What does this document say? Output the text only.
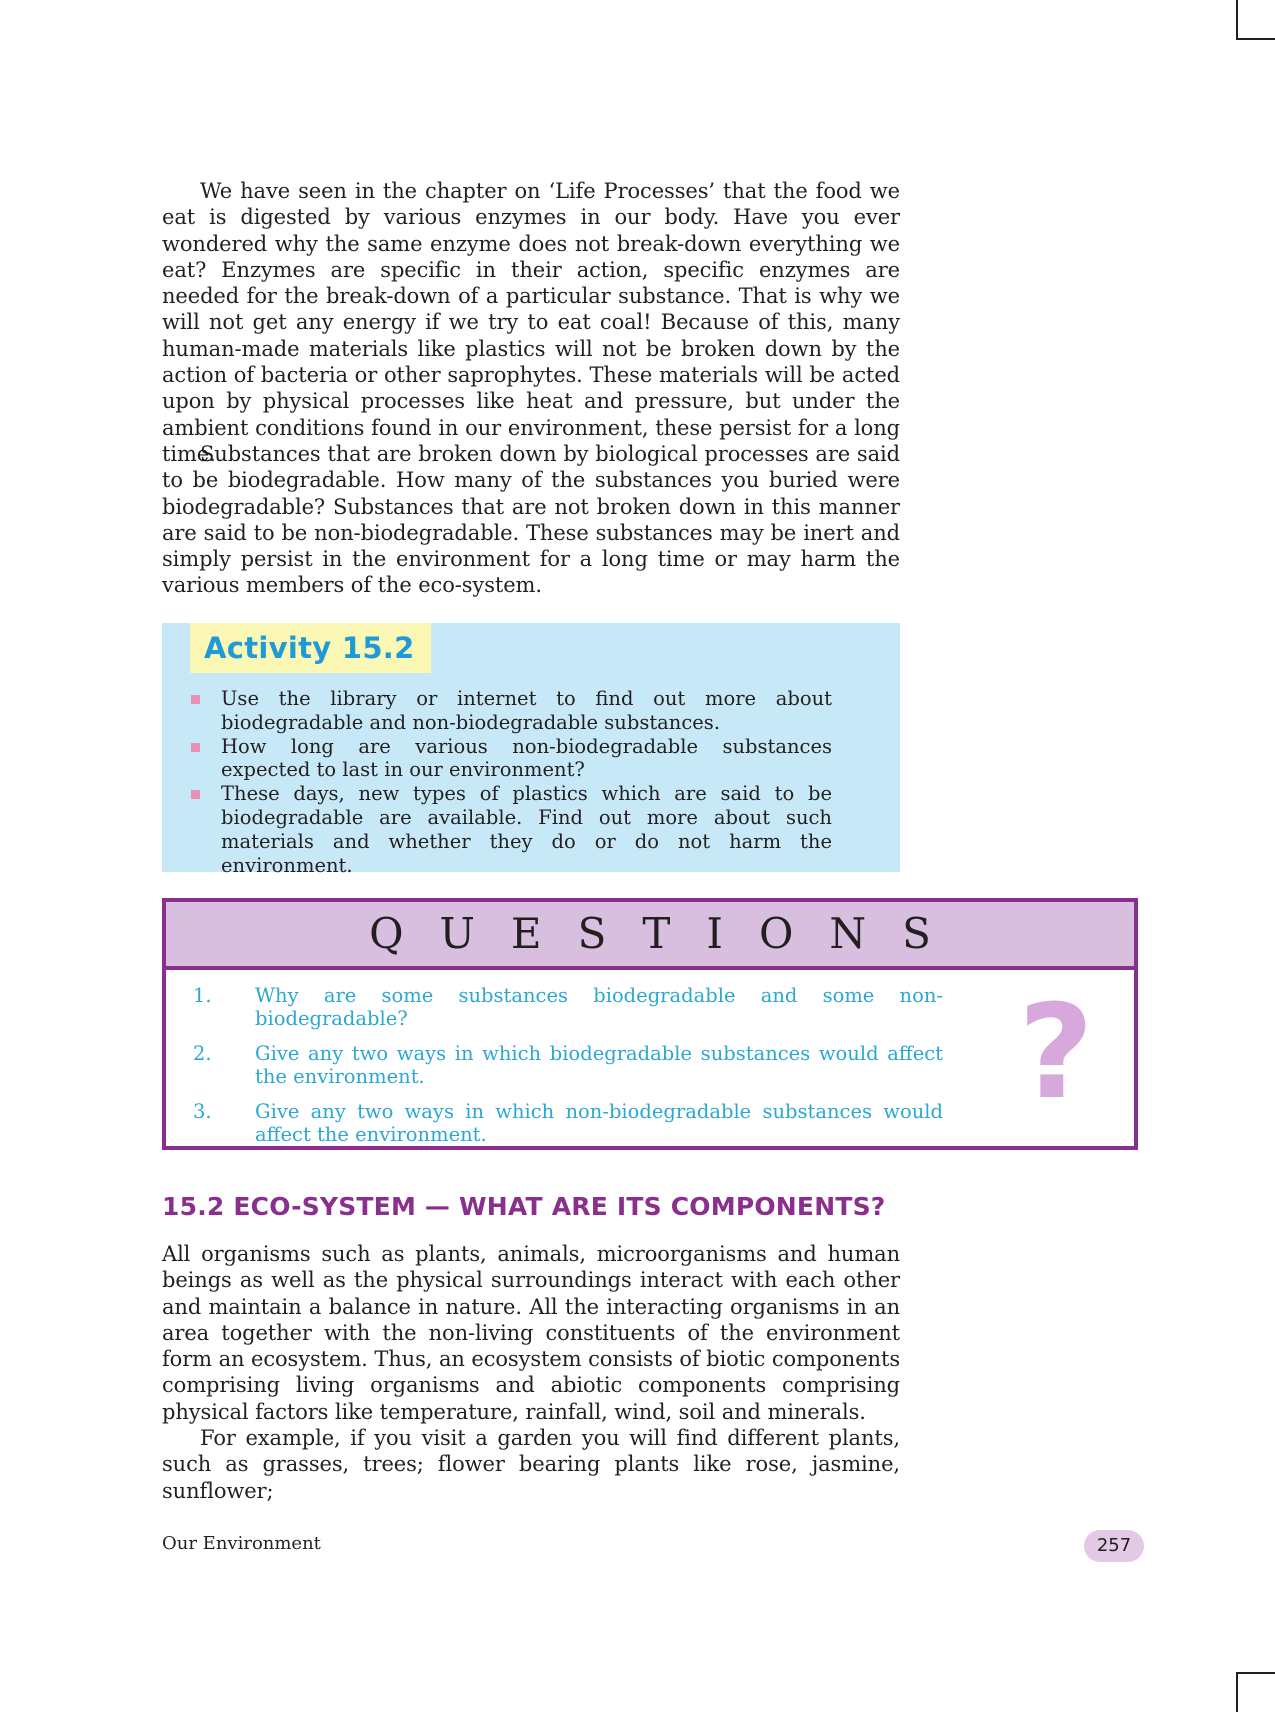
We have seen in the chapter on ‘Life Processes’ that the food we eat is digested by various enzymes in our body. Have you ever wondered why the same enzyme does not break-down everything we eat? Enzymes are specific in their action, specific enzymes are needed for the break-down of a particular substance. That is why we will not get any energy if we try to eat coal! Because of this, many human-made materials like plastics will not be broken down by the action of bacteria or other saprophytes. These materials will be acted upon by physical processes like heat and pressure, but under the ambient conditions found in our environment, these persist for a long time.

Substances that are broken down by biological processes are said to be biodegradable. How many of the substances you buried were biodegradable? Substances that are not broken down in this manner are said to be non-biodegradable. These substances may be inert and simply persist in the environment for a long time or may harm the various members of the eco-system.

Activity 15.2
Use the library or internet to find out more about biodegradable and non-biodegradable substances.
How long are various non-biodegradable substances expected to last in our environment?
These days, new types of plastics which are said to be biodegradable are available. Find out more about such materials and whether they do or do not harm the environment.
QUESTIONS
1. Why are some substances biodegradable and some non-biodegradable?
2. Give any two ways in which biodegradable substances would affect the environment.
3. Give any two ways in which non-biodegradable substances would affect the environment.
?
15.2 ECO-SYSTEM — WHAT ARE ITS COMPONENTS?

All organisms such as plants, animals, microorganisms and human beings as well as the physical surroundings interact with each other and maintain a balance in nature. All the interacting organisms in an area together with the non-living constituents of the environment form an ecosystem. Thus, an ecosystem consists of biotic components comprising living organisms and abiotic components comprising physical factors like temperature, rainfall, wind, soil and minerals.

For example, if you visit a garden you will find different plants, such as grasses, trees; flower bearing plants like rose, jasmine, sunflower;

Our Environment	257
